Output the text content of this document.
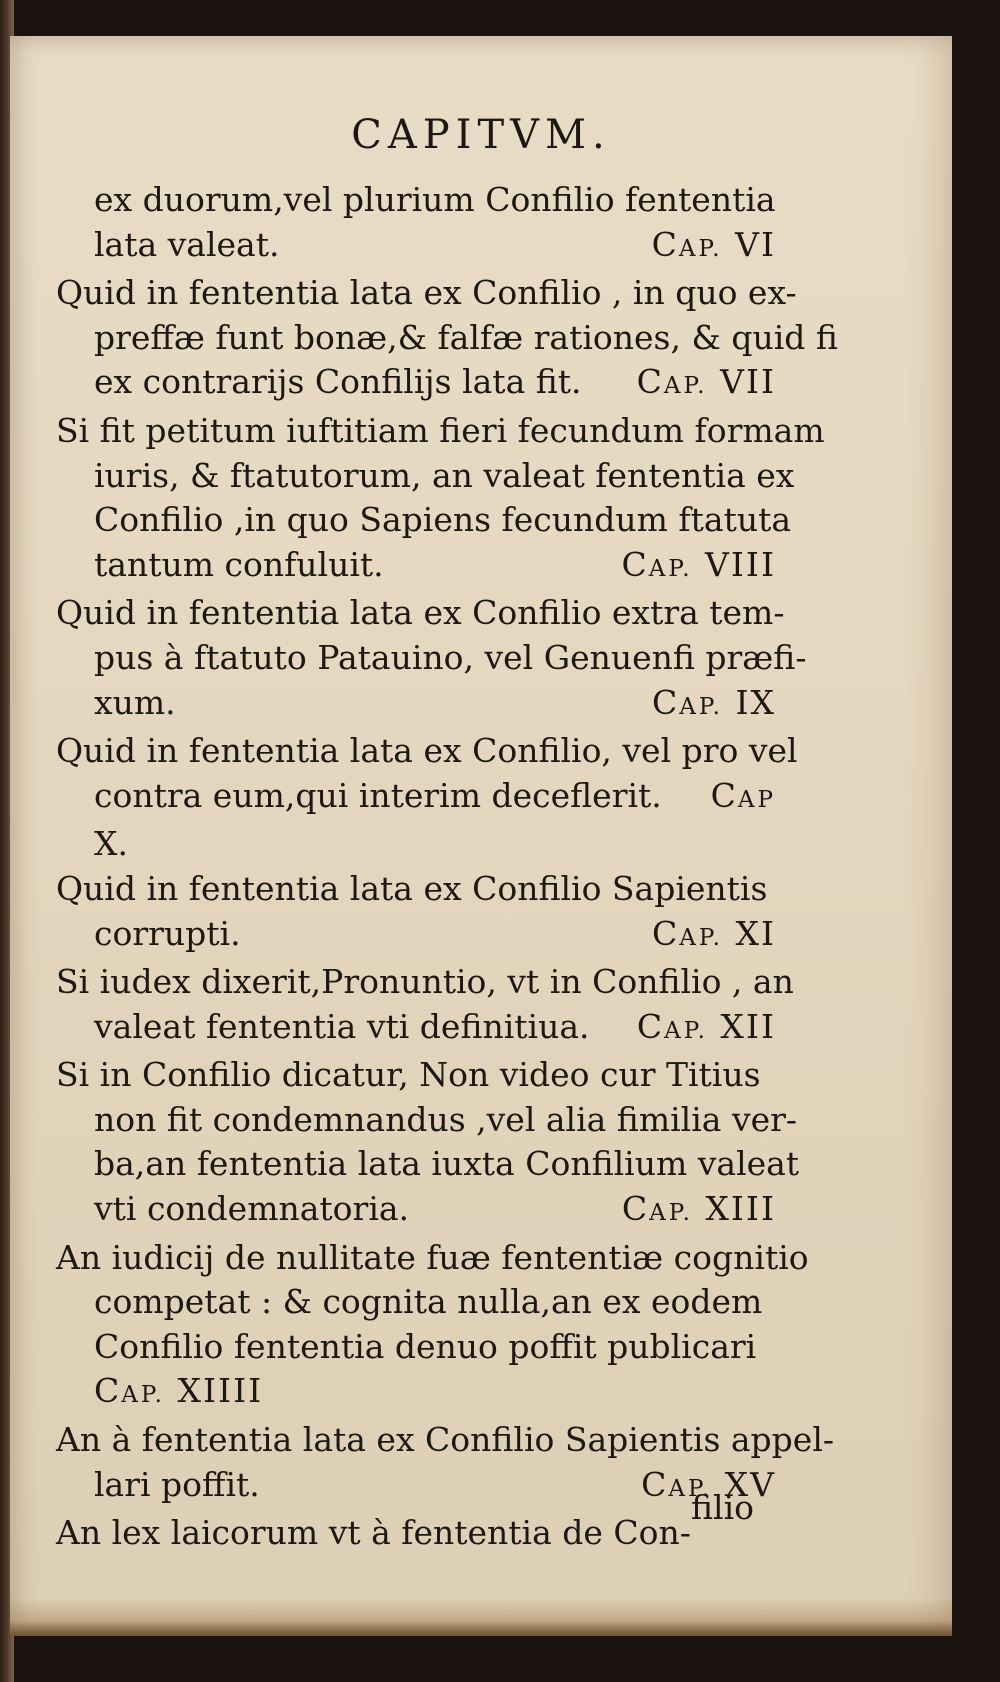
CAPITVM.
ex duorum,vel plurium Confilio fententia
lata valeat.	CAP. VI
Quid in fententia lata ex Confilio , in quo ex-
preffæ funt bonæ,& falfæ rationes, & quid fi
ex contrarijs Confilijs lata fit. CAP. VII
Si fit petitum iuftitiam fieri fecundum formam
iuris, & ftatutorum, an valeat fententia ex
Confilio ,in quo Sapiens fecundum ftatuta
tantum confuluit.	CAP. VIII
Quid in fententia lata ex Confilio extra tem-
pus à ftatuto Patauino, vel Genuenfi præfi-
xum.	CAP. IX
Quid in fententia lata ex Confilio, vel pro vel
contra eum,qui interim deceflerit. CAP
X.
Quid in fententia lata ex Confilio Sapientis
corrupti.	CAP. XI
Si iudex dixerit,Pronuntio, vt in Confilio , an
valeat fententia vti definitiua. CAP. XII
Si in Confilio dicatur, Non video cur Titius
non fit condemnandus ,vel alia fimilia ver-
ba,an fententia lata iuxta Confilium valeat
vti condemnatoria.	CAP. XIII
An iudicij de nullitate fuæ fententiæ cognitio
competat : & cognita nulla,an ex eodem
Confilio fententia denuo poffit publicari
CAP. XIIII
An à fententia lata ex Confilio Sapientis appel-
lari poffit.	CAP. XV
An lex laicorum vt à fententia de Con-
filio
